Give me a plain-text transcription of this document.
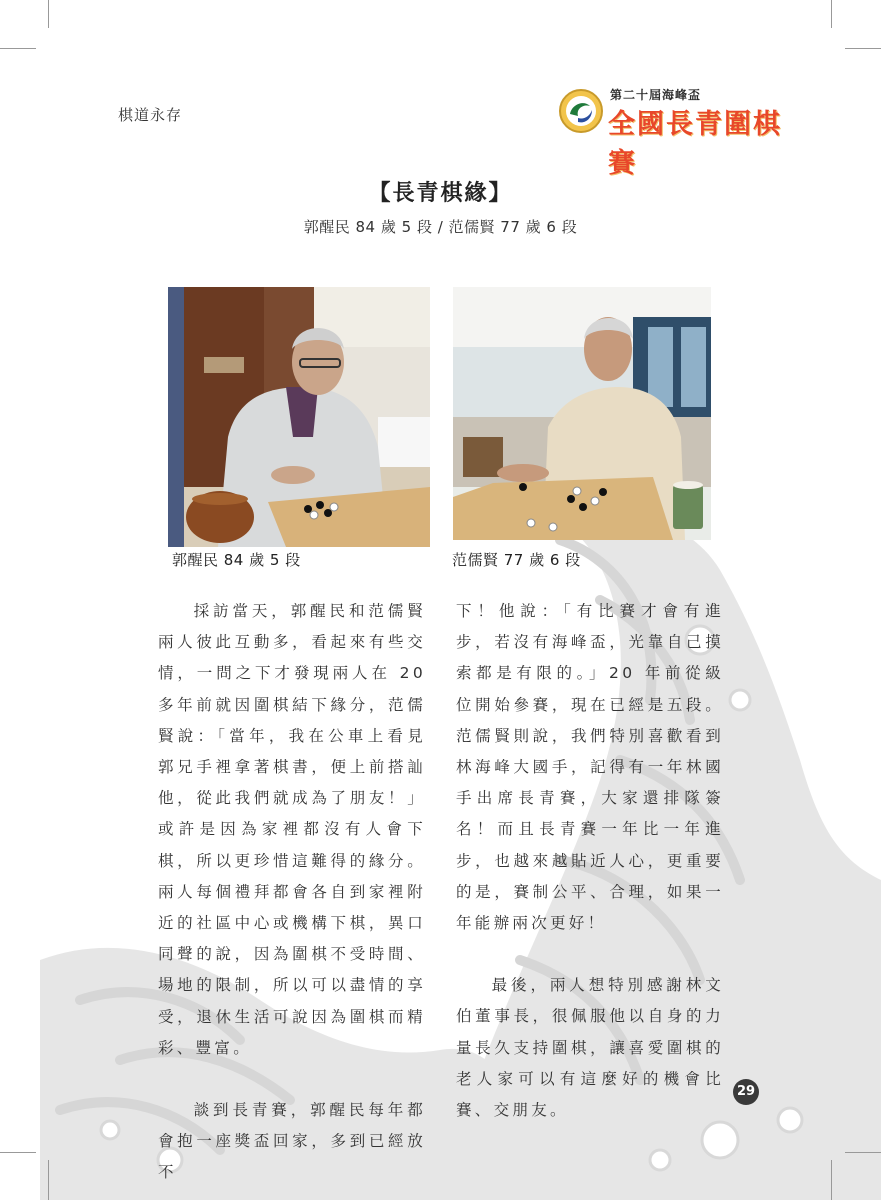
棋道永存
第二十屆海峰盃
全國長青圍棋賽
【長青棋緣】
郭醒民 84 歲 5 段 / 范儒賢 77 歲 6 段
郭醒民 84 歲 5 段	范儒賢 77 歲 6 段

採訪當天，郭醒民和范儒賢兩人彼此互動多，看起來有些交情，一問之下才發現兩人在 20 多年前就因圍棋結下緣分，范儒賢說：「當年，我在公車上看見郭兄手裡拿著棋書，便上前搭訕他，從此我們就成為了朋友！」或許是因為家裡都沒有人會下棋，所以更珍惜這難得的緣分。兩人每個禮拜都會各自到家裡附近的社區中心或機構下棋，異口同聲的說，因為圍棋不受時間、場地的限制，所以可以盡情的享受，退休生活可說因為圍棋而精彩、豐富。

談到長青賽，郭醒民每年都會抱一座獎盃回家，多到已經放不

下！他說：「有比賽才會有進步，若沒有海峰盃，光靠自己摸索都是有限的。」20 年前從級位開始參賽，現在已經是五段。 范儒賢則說，我們特別喜歡看到林海峰大國手，記得有一年林國手出席長青賽，大家還排隊簽名！而且長青賽一年比一年進步，也越來越貼近人心，更重要的是，賽制公平、合理，如果一年能辦兩次更好！

最後，兩人想特別感謝林文伯董事長，很佩服他以自身的力量長久支持圍棋，讓喜愛圍棋的老人家可以有這麼好的機會比賽、交朋友。

29
